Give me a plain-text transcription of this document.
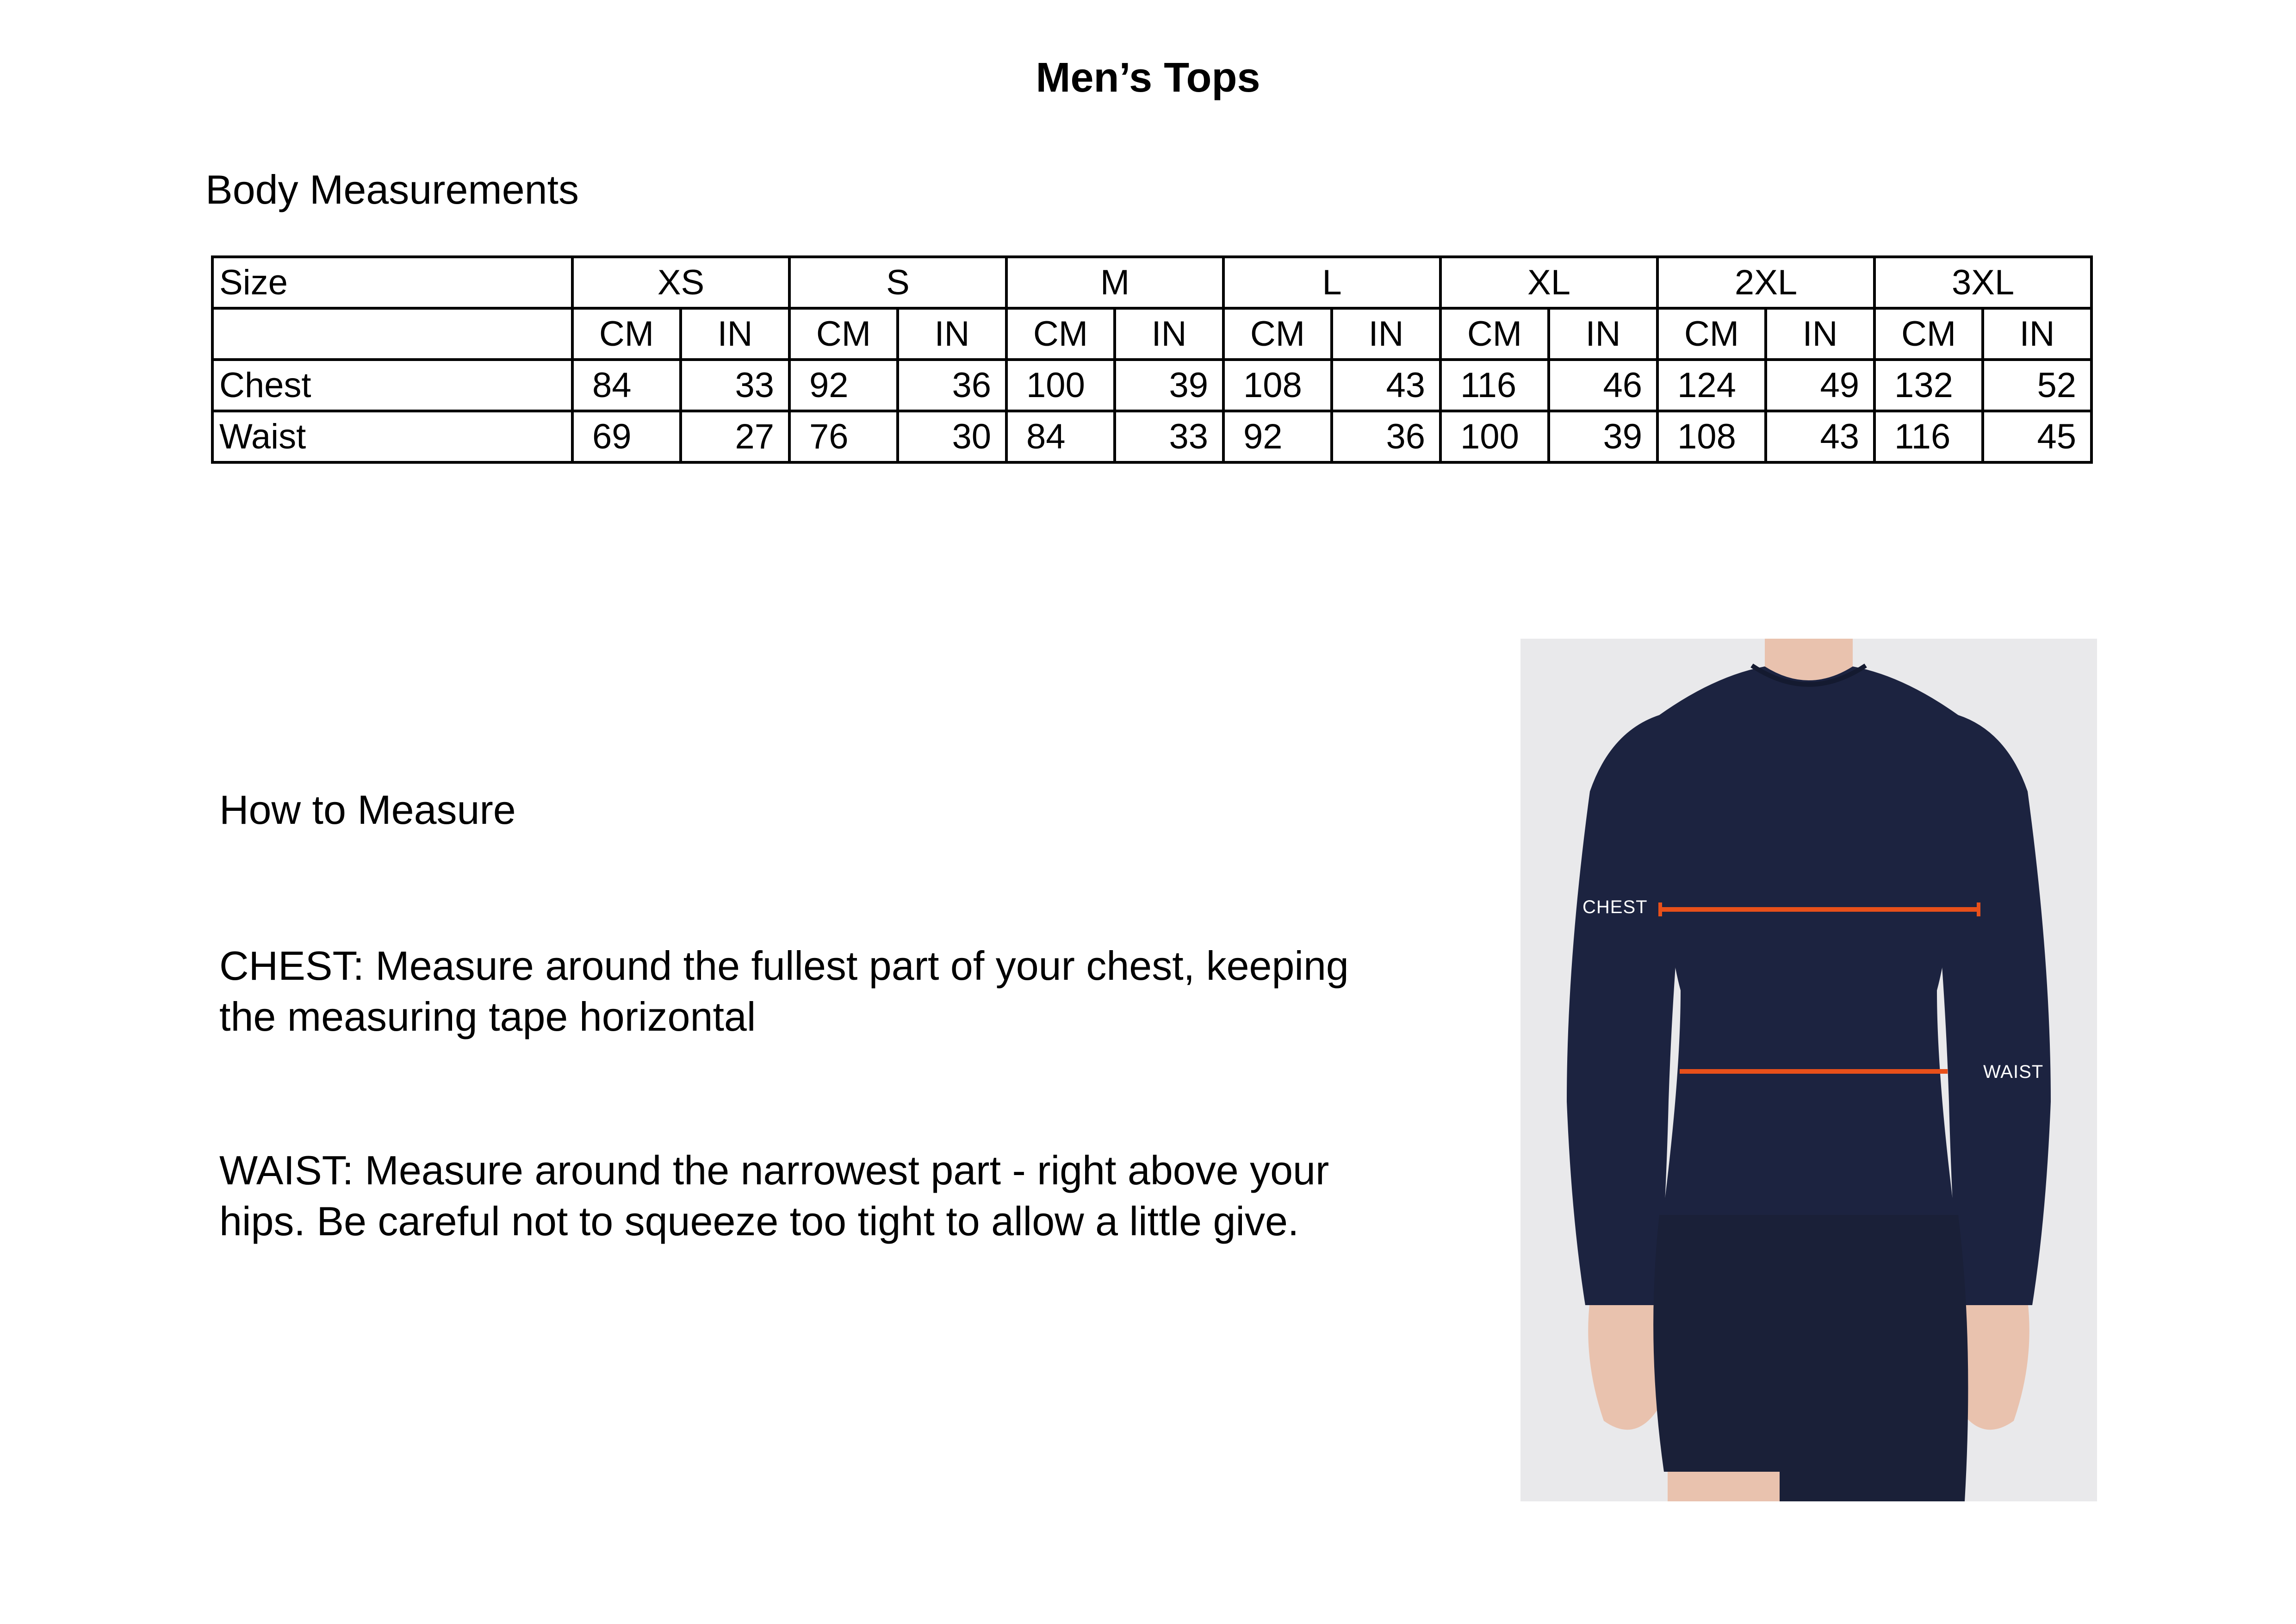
Men’s Tops
Body Measurements
Size	XS		S		M		L		XL		2XL		3XL	
	CM	IN	CM	IN	CM	IN	CM	IN	CM	IN	CM	IN	CM	IN
Chest	84	33	92	36	100	39	108	43	116	46	124	49	132	52
Waist	69	27	76	30	84	33	92	36	100	39	108	43	116	45
How to Measure
CHEST: Measure around the fullest part of your chest, keeping
the measuring tape horizontal
WAIST: Measure around the narrowest part - right above your
hips. Be careful not to squeeze too tight to allow a little give.
CHEST
WAIST
